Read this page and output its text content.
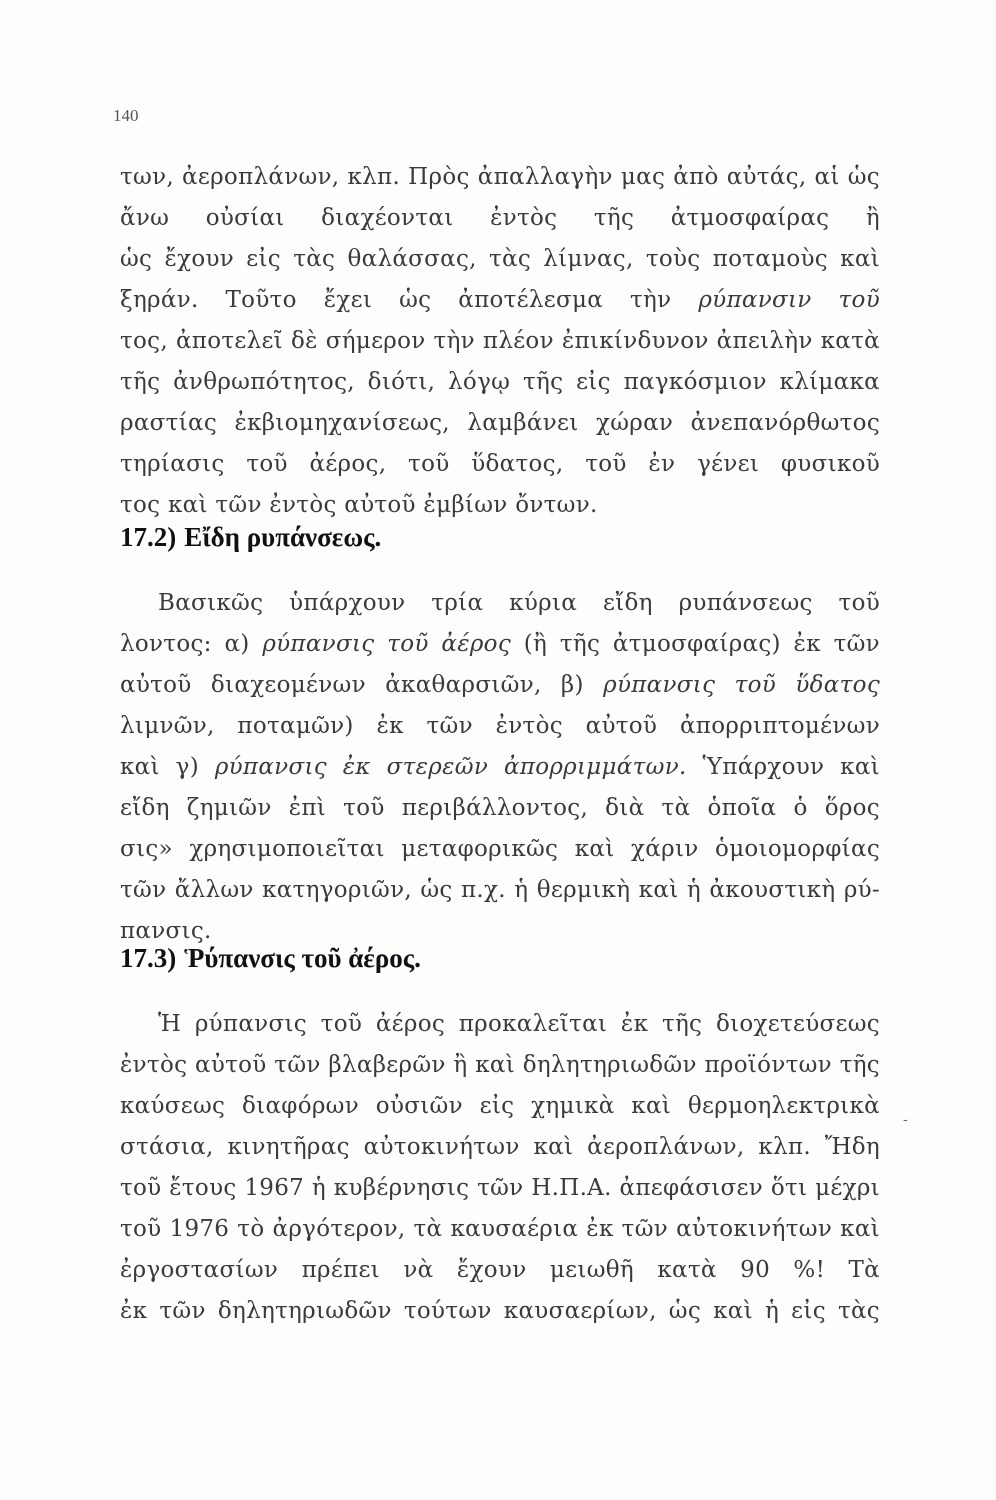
140
των, ἀεροπλάνων, κλπ. Πρὸς ἀπαλλαγὴν μας ἀπὸ αὐτάς, αἱ ὡς
ἄνω οὐσίαι διαχέονται ἐντὸς τῆς ἀτμοσφαίρας ἢ
ὡς ἔχουν εἰς τὰς θαλάσσας, τὰς λίμνας, τοὺς ποταμοὺς καὶ
ξηράν. Τοῦτο ἔχει ὡς ἀποτέλεσμα τὴν ρύπανσιν τοῦ
τος, ἀποτελεῖ δὲ σήμερον τὴν πλέον ἐπικίνδυνον ἀπειλὴν κατὰ
τῆς ἀνθρωπότητος, διότι, λόγῳ τῆς εἰς παγκόσμιον κλίμακα
ραστίας ἐκβιομηχανίσεως, λαμβάνει χώραν ἀνεπανόρθωτος
τηρίασις τοῦ ἀέρος, τοῦ ὕδατος, τοῦ ἐν γένει φυσικοῦ
τος καὶ τῶν ἐντὸς αὐτοῦ ἐμβίων ὄντων.
17.2) Εἴδη ρυπάνσεως.
Βασικῶς ὑπάρχουν τρία κύρια εἴδη ρυπάνσεως τοῦ
λοντος: α) ρύπανσις τοῦ ἀέρος (ἢ τῆς ἀτμοσφαίρας) ἐκ τῶν
αὐτοῦ διαχεομένων ἀκαθαρσιῶν, β) ρύπανσις τοῦ ὕδατος
λιμνῶν, ποταμῶν) ἐκ τῶν ἐντὸς αὐτοῦ ἀπορριπτομένων
καὶ γ) ρύπανσις ἐκ στερεῶν ἀπορριμμάτων. Ὑπάρχουν καὶ
εἴδη ζημιῶν ἐπὶ τοῦ περιβάλλοντος, διὰ τὰ ὁποῖα ὁ ὅρος
σις» χρησιμοποιεῖται μεταφορικῶς καὶ χάριν ὁμοιομορφίας
τῶν ἄλλων κατηγοριῶν, ὡς π.χ. ἡ θερμικὴ καὶ ἡ ἀκουστικὴ ρύ-
πανσις.
17.3) Ῥύπανσις τοῦ ἀέρος.
Ἡ ρύπανσις τοῦ ἀέρος προκαλεῖται ἐκ τῆς διοχετεύσεως
ἐντὸς αὐτοῦ τῶν βλαβερῶν ἢ καὶ δηλητηριωδῶν προϊόντων τῆς
καύσεως διαφόρων οὐσιῶν εἰς χημικὰ καὶ θερμοηλεκτρικὰ
στάσια, κινητῆρας αὐτοκινήτων καὶ ἀεροπλάνων, κλπ. Ἤδη
τοῦ ἔτους 1967 ἡ κυβέρνησις τῶν Η.Π.Α. ἀπεφάσισεν ὅτι μέχρι
τοῦ 1976 τὸ ἀργότερον, τὰ καυσαέρια ἐκ τῶν αὐτοκινήτων καὶ
ἐργοστασίων πρέπει νὰ ἔχουν μειωθῆ κατὰ 90 %! Τὰ
ἐκ τῶν δηλητηριωδῶν τούτων καυσαερίων, ὡς καὶ ἡ εἰς τὰς
-
